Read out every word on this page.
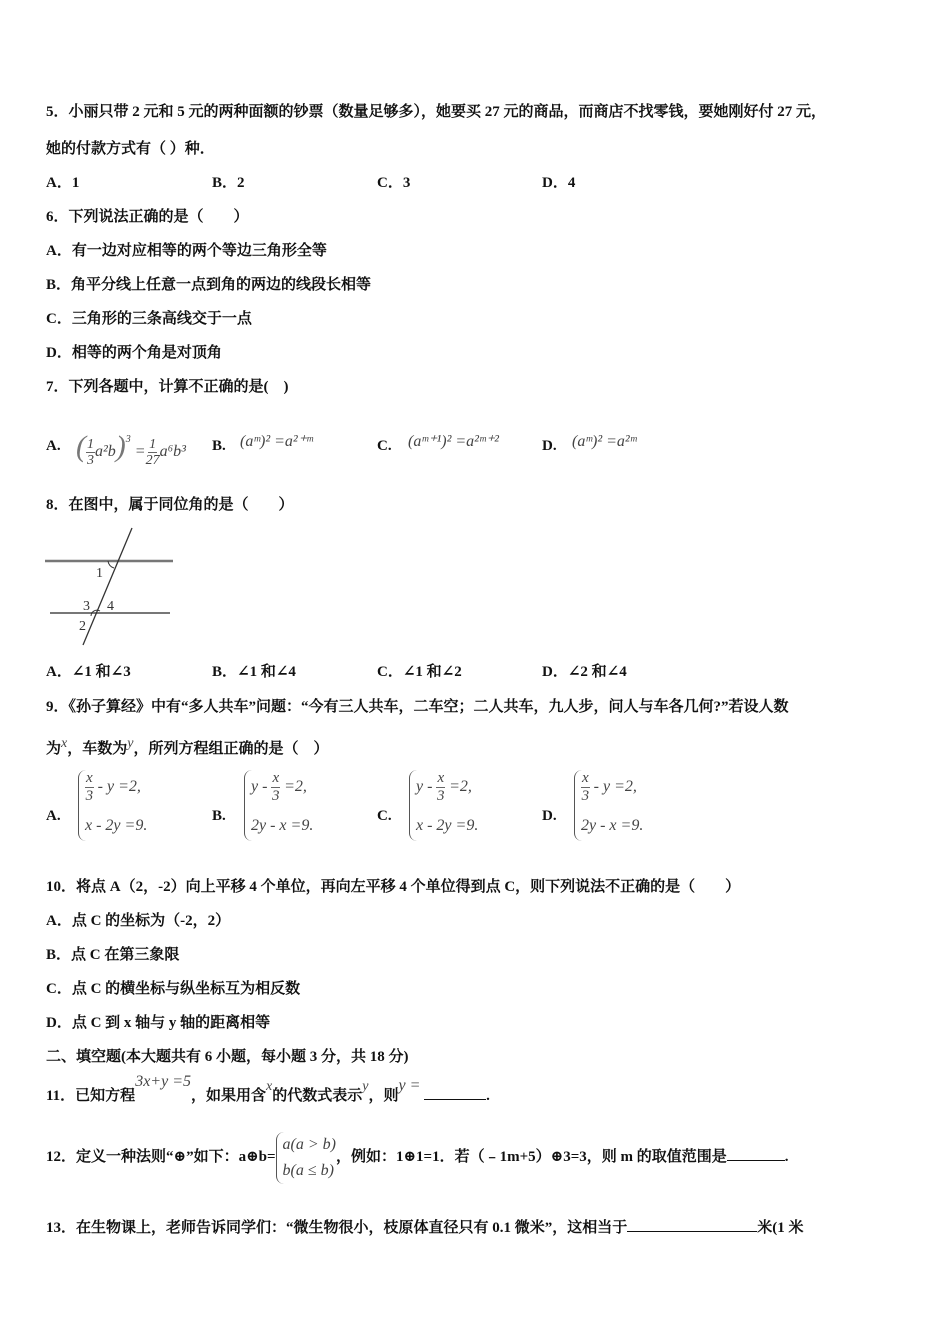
5．小丽只带 2 元和 5 元的两种面额的钞票（数量足够多），她要买 27 元的商品，而商店不找零钱，要她刚好付 27 元，
她的付款方式有（ ）种．
A．1	B．2	C．3	D．4
6．下列说法正确的是（　　）
A．有一边对应相等的两个等边三角形全等
B．角平分线上任意一点到角的两边的线段长相等
C．三角形的三条高线交于一点
D．相等的两个角是对顶角
7．下列各题中，计算不正确的是(　)
A. ( $\frac{1}{3} a^2b)^3 = \frac{1}{27} a^6b^3$ B. (aᵐ)² =a²⁺ᵐ	C. (aᵐ⁺¹)² =a²ᵐ⁺²	D. (aᵐ)² =a²ᵐ
8．在图中，属于同位角的是（　　）
1
2
3 4
A．∠1 和∠3	B．∠1 和∠4	C．∠1 和∠2	D．∠2 和∠4
9．《孙子算经》中有“多人共车”问题：“今有三人共车，二车空；二人共车，九人步，问人与车各几何?”若设人数
为$^x$，车数为$^y$，所列方程组正确的是（　）
A.
$\frac{x}{3} - y =2$,
x - 2y =9.
B.
$y - \frac{x}{3} =2$,
2y - x =9.
C.
$y - \frac{x}{3} =2$,
x - 2y =9.
D.
$\frac{x}{3} - y =2$,
2y - x =9.
10．将点 A（2，-2）向上平移 4 个单位，再向左平移 4 个单位得到点 C，则下列说法不正确的是（　　）
A．点 C 的坐标为（-2，2）
B．点 C 在第三象限
C．点 C 的横坐标与纵坐标互为相反数
D．点 C 到 x 轴与 y 轴的距离相等
二、填空题(本大题共有 6 小题，每小题 3 分，共 18 分)
11．已知方程3x+y =5，如果用含x的代数式表示y，则y = .
12．定义一种法则“⊕”如下：a⊕b=
a(a > b)
b(a ≤ b)
，例如：1⊕1=1．若（﹣1m+5）⊕3=3，则 m 的取值范围是	.
13．在生物课上，老师告诉同学们：“微生物很小，枝原体直径只有 0.1 微米”，这相当于	米(1 米
